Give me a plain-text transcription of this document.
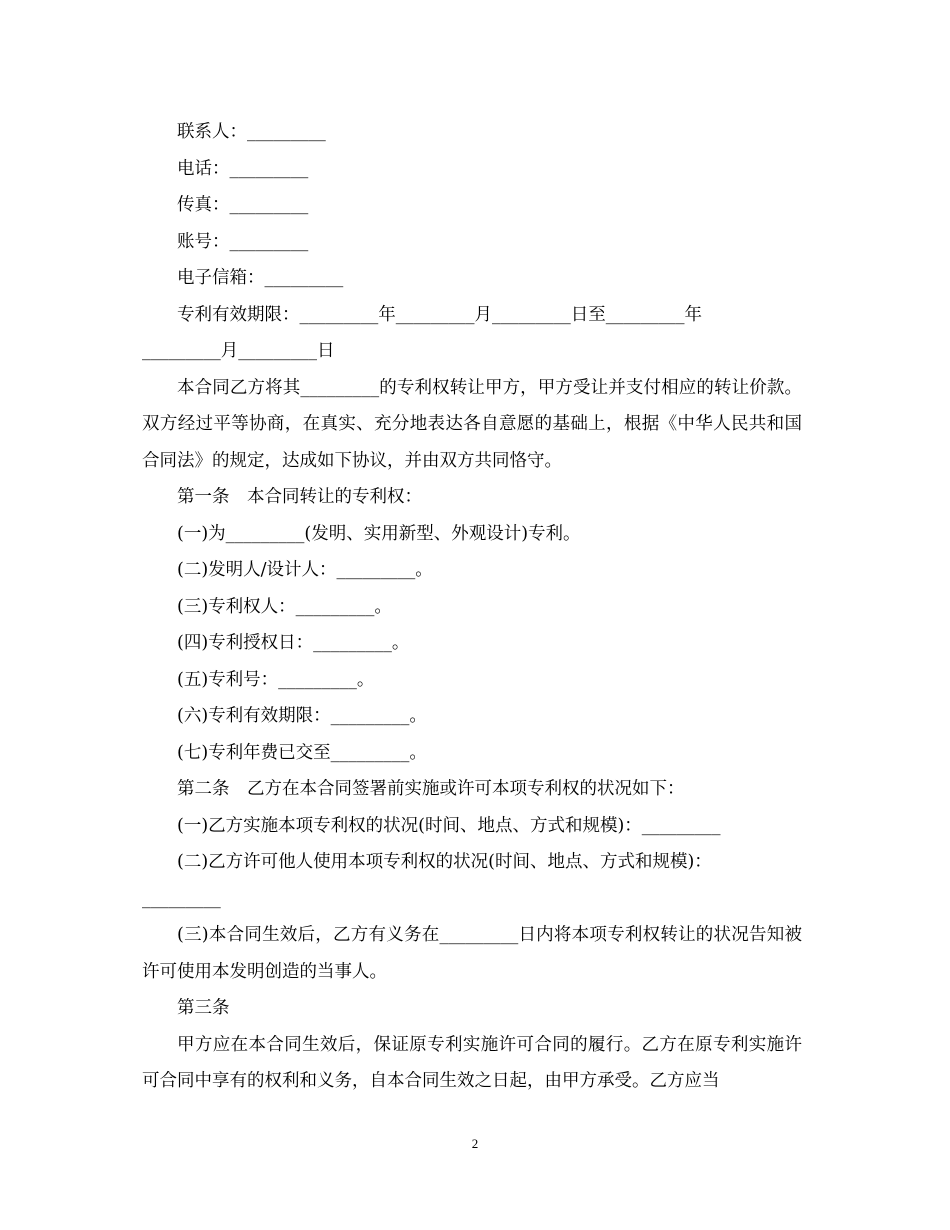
联系人：_________
电话：_________
传真：_________
账号：_________
电子信箱：_________
专利有效期限：_________年_________月_________日至_________年
_________月_________日

本合同乙方将其_________的专利权转让甲方，甲方受让并支付相应的转让价款。双方经过平等协商，在真实、充分地表达各自意愿的基础上，根据《中华人民共和国合同法》的规定，达成如下协议，并由双方共同恪守。

第一条　本合同转让的专利权：
(一)为_________(发明、实用新型、外观设计)专利。
(二)发明人/设计人：_________。
(三)专利权人：_________。
(四)专利授权日：_________。
(五)专利号：_________。
(六)专利有效期限：_________。
(七)专利年费已交至_________。
第二条　乙方在本合同签署前实施或许可本项专利权的状况如下：
(一)乙方实施本项专利权的状况(时间、地点、方式和规模)：_________
(二)乙方许可他人使用本项专利权的状况(时间、地点、方式和规模)：
_________

(三)本合同生效后，乙方有义务在_________日内将本项专利权转让的状况告知被许可使用本发明创造的当事人。

第三条

甲方应在本合同生效后，保证原专利实施许可合同的履行。乙方在原专利实施许可合同中享有的权利和义务，自本合同生效之日起，由甲方承受。乙方应当

2
